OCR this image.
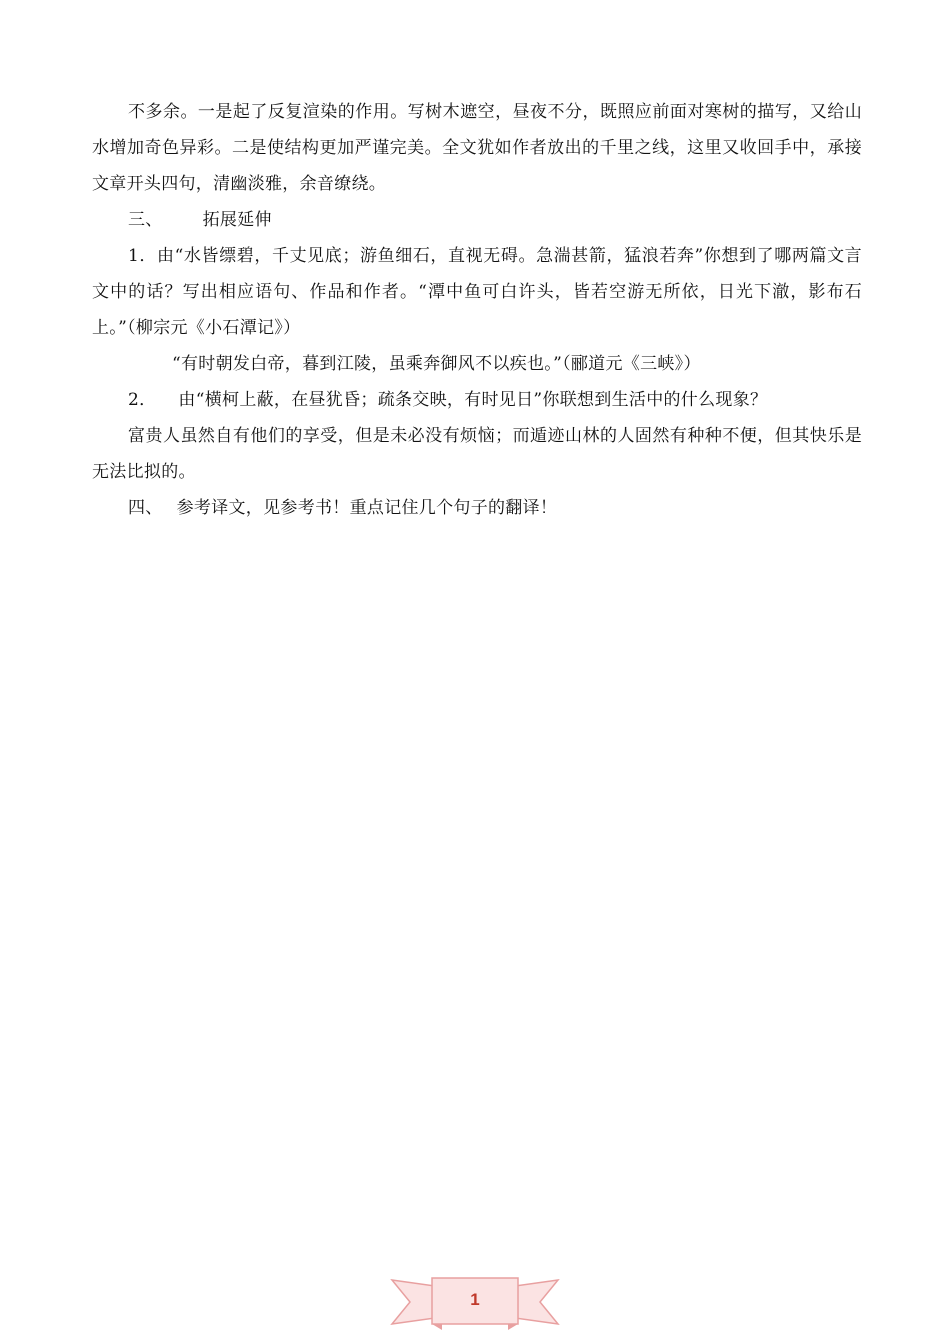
不多余。一是起了反复渲染的作用。写树木遮空，昼夜不分，既照应前面对寒树的描写，又给山水增加奇色异彩。二是使结构更加严谨完美。全文犹如作者放出的千里之线，这里又收回手中，承接文章开头四句，清幽淡雅，余音缭绕。

三、 拓展延伸

1．由“水皆缥碧，千丈见底；游鱼细石，直视无碍。急湍甚箭，猛浪若奔”你想到了哪两篇文言文中的话？写出相应语句、作品和作者。“潭中鱼可白许头，皆若空游无所依，日光下澈，影布石上。”（柳宗元《小石潭记》）

“有时朝发白帝，暮到江陵，虽乘奔御风不以疾也。”（郦道元《三峡》）
2． 由“横柯上蔽，在昼犹昏；疏条交映，有时见日”你联想到生活中的什么现象？

富贵人虽然自有他们的享受，但是未必没有烦恼；而遁迹山林的人固然有种种不便，但其快乐是无法比拟的。

四、 参考译文，见参考书！重点记住几个句子的翻译！
1
